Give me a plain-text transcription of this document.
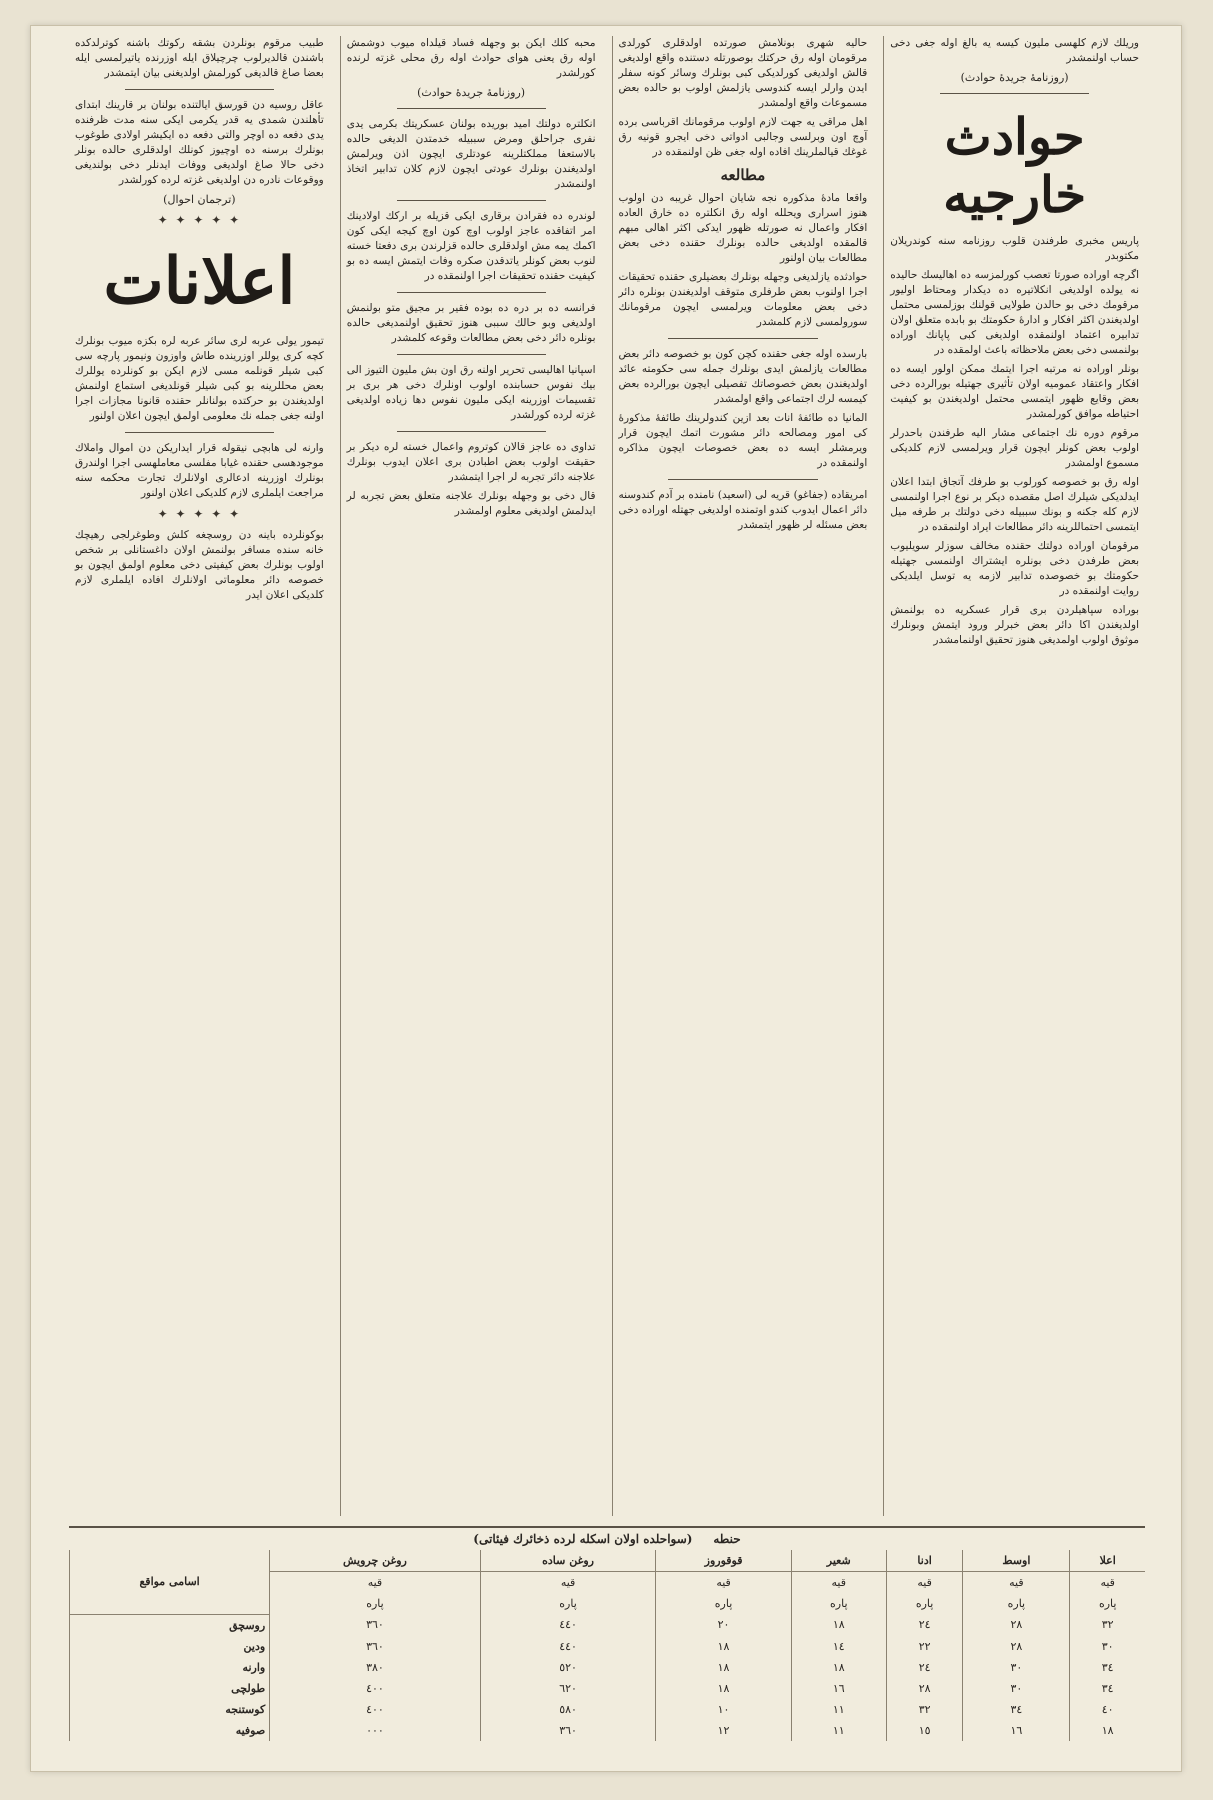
وریلك لازم كلهسی ملیون كیسه یه بالغ اوله جغی دخی حساب اولنمشدر

(روزنامهٔ جریدهٔ حوادث)
حوادث خارجیه

پاریس مخبری طرفندن قلوب روزنامه سنه كوندریلان مكتوبدر

اگرچه اوراده صورتا تعصب كورلمزسه ده اهالیسك حالیده نه یولده اولدیغی انكلاتیره ده دیكدار ومحتاط اولیور مرقومك دخی بو حالدن طولایی قولنك بوزلمسی محتمل اولدیغندن اكثر افكار و ادارهٔ حكومتك بو بابده متعلق اولان تدابیره اعتماد اولنمقده اولدیغی كبی پاپانك اوراده بولنمسی دخی بعض ملاحظاته باعث اولمقده در

بونلر اوراده نه مرتبه اجرا ایتمك ممكن اولور ایسه ده افكار واعتقاد عمومیه اولان تأثیری جهتیله بورالرده دخی بعض وقایع ظهور ایتمسی محتمل اولدیغندن بو كیفیت احتیاطه موافق كورلمشدر

مرقوم دوره نك اجتماعی مشار الیه طرفندن باحدرلر اولوب بعض كونلر ایچون قرار ویرلمسی لازم كلدیكی مسموع اولمشدر

اوله رق بو خصوصه كورلوب بو طرفك آتجاق ابتدا اعلان ایدلدیكی شیلرك اصل مقصده دیكر بر نوع اجرا اولنمسی لازم كله جكنه و بونك سببیله دخی دولتك بر طرفه میل ایتمسی احتماللرینه دائر مطالعات ایراد اولنمقده در

مرقومان اوراده دولتك حقنده مخالف سوزلر سویلیوب بعض طرفدن دخی بونلره ایشتراك اولنمسی جهتیله حكومتك بو خصوصده تدابیر لازمه یه توسل ایلدیكی روایت اولنمقده در

بوراده سپاهیلردن بری قرار عسكریه ده بولنمش اولدیغندن اكا دائر بعض خبرلر ورود ایتمش وبونلرك موثوق اولوب اولمدیغی هنوز تحقیق اولنمامشدر

حالیه شهری بونلامش صورتده اولدقلری كورلدی مرقومان اوله رق حركتك بوصورتله دستنده واقع اولدیغی قالش اولدیغی كورلدیكی كبی بونلرك وسائر كونه سفلر ایدن وارلر ایسه كندوسی یازلمش اولوب بو حالده بعض مسموعات واقع اولمشدر

اهل مراقی یه جهت لازم اولوب مرقومانك اقرباسی برده آوچ اون وبرلسی وجالبی ادواتی دخی ایجرو قونیه رق غوغك قیالملرینك افاده اوله جغی ظن اولنمقده در

مطالعه

واقعا مادهٔ مذكوره نجه شایان احوال غریبه دن اولوب هنوز اسراری ویحلله اوله رق انكلتره ده خارق العاده افكار واعمال نه صورتله ظهور ایدكی اكثر اهالی مبهم قالمقده اولدیغی حالده بونلرك حقنده دخی بعض مطالعات بیان اولنور

حوادثده یازلدیغی وجهله بونلرك بعضیلری حقنده تحقیقات اجرا اولنوب بعض طرفلری متوقف اولدیغندن بونلره دائر دخی بعض معلومات ویرلمسی ایچون مرقومانك سورولمسی لازم كلمشدر

بارسده اوله جغی حقنده كچن كون بو خصوصه دائر بعض مطالعات یازلمش ایدی بونلرك جمله سی حكومته عائد اولدیغندن بعض خصوصاتك تفصیلی ایچون بورالرده بعض كیمسه لرك اجتماعی واقع اولمشدر

المانیا ده طائفهٔ انات بعد ازین كندولرینك طائفهٔ مذكورهٔ كی امور ومصالحه دائر مشورت اتمك ایچون قرار ویرمشلر ایسه ده بعض خصوصات ایچون مذاكره اولنمقده در

امریقاده (جفاغو) قریه لی (اسعید) نامنده بر آدم كندوسنه دائر اعمال ایدوب كندو اوتمنده اولدیغی جهتله اوراده دخی بعض مسئله لر ظهور ایتمشدر

محبه كلك ایكن بو وجهله فساد قیلداه میوب دوشمش اوله رق یعنی هوای حوادث اوله رق محلی غزته لرنده كورلشدر

(روزنامهٔ جریدهٔ حوادث)

انكلتره دولتك امید بوریده بولنان عسكریتك بكرمی یدی نفری جراحلق ومرض سببیله خدمتدن الدیغی حالده بالاستعفا مملكتلرینه عودتلری ایچون اذن ویرلمش اولدیغندن بونلرك عودتی ایچون لازم كلان تدابیر اتخاذ اولنمشدر

لوندره ده فقرادن برقاری ایكی قزیله بر اركك اولادینك امر اتفاقده عاجز اولوب اوچ كون اوچ كیجه ایكی كون اكمك یمه مش اولدقلری حالده قزلرندن بری دفعتا خسته لنوب بعض كونلر یاتدقدن صكره وفات ایتمش ایسه ده بو كیفیت حقنده تحقیقات اجرا اولنمقده در

فرانسه ده بر دره ده بوده فقیر بر مجیق متو بولنمش اولدیغی وبو حالك سببی هنوز تحقیق اولنمدیغی حالده بونلره دائر دخی بعض مطالعات وقوعه كلمشدر

اسپانیا اهالیسی تحریر اولنه رق اون بش ملیون التیوز الی بیك نفوس حسابنده اولوب اونلرك دخی هر بری بر تقسیمات اوزرینه ایكی ملیون نفوس دها زیاده اولدیغی غزته لرده كورلشدر

تداوی ده عاجز قالان كوتروم واعمال خسته لره دیكر بر حقیقت اولوب بعض اطبادن بری اعلان ایدوب بونلرك علاجنه دائر تجربه لر اجرا ایتمشدر

قال دخی بو وجهله بونلرك علاجنه متعلق بعض تجربه لر ایدلمش اولدیغی معلوم اولمشدر

طبیب مرقوم بونلردن بشقه ركوتك باشنه كوترلدكده باشندن قالدیرلوب چرچیلاق ایله اوزرنده یاتیرلمسی ایله بعضا صاغ قالدیغی كورلمش اولدیغنی بیان ایتمشدر

عاقل روسیه دن قورسق ایالتنده بولنان بر قارینك ابتدای تأهلندن شمدی یه قدر یكرمی ایكی سنه مدت ظرفنده یدی دفعه ده اوچر والتی دفعه ده ایكیشر اولادی طوغوب بونلرك برسنه ده اوچیوز كونلك اولدقلری حالده بونلر دخی حالا صاغ اولدیغی ووفات ایدنلر دخی بولندیغی ووقوعات نادره دن اولدیغی غزته لرده كورلشدر

(ترجمان احوال)
✦ ✦ ✦ ✦ ✦
اعلانات

تیمور یولی عربه لری سائر عربه لره بكزه میوب بونلرك كچه كری یوللر اوزرینده طاش واوزون ونیمور پارچه سی كبی شیلر قونلمه مسی لازم ایكن بو كونلرده یوللرك بعض محللرینه بو كبی شیلر قونلدیغی استماع اولنمش اولدیغندن بو حركتده بولنانلر حقنده قانونا مجازات اجرا اولنه جغی جمله نك معلومی اولمق ایچون اعلان اولنور

وارنه لی هابچی نیقوله قرار ایداریكن دن اموال واملاك موجودهسی حقنده غیابا مفلسی معاملهسی اجرا اولندرق بونلرك اوزرینه ادعالری اولانلرك تجارت محكمه سنه مراجعت ایلملری لازم كلدیكی اعلان اولنور

✦ ✦ ✦ ✦ ✦

بوكونلرده باینه دن روسچغه كلش وطوغرلجی رهیچك خانه سنده مسافر بولنمش اولان داغستانلی بر شخص اولوب بونلرك بعض كیفیتی دخی معلوم اولمق ایچون بو خصوصه دائر معلوماتی اولانلرك افاده ایلملری لازم كلدیكی اعلان ایدر

حنطه     (سواحلده اولان اسكله لرده ذخائرك فیئاتی)
اعلا	اوسط	ادنا	شعیر	قوقوروز	روغن ساده	روغن چرویش	اسامی مواقع
قیه	قیه	قیه	قیه	قیه	قیه	قیه	
پاره	پاره	پاره	پاره	پاره	پاره	پاره	
٣٢	٢٨	٢٤	١٨	٢٠	٤٤٠	٣٦٠	روسچق
٣٠	٢٨	٢٢	١٤	١٨	٤٤٠	٣٦٠	ودین
٣٤	٣٠	٢٤	١٨	١٨	٥٢٠	٣٨٠	وارنه
٣٤	٣٠	٢٨	١٦	١٨	٦٢٠	٤٠٠	طولچی
٤٠	٣٤	٣٢	١١	١٠	٥٨٠	٤٠٠	كوستنجه
١٨	١٦	١٥	١١	١٢	٣٦٠	٠٠٠	صوفیه
